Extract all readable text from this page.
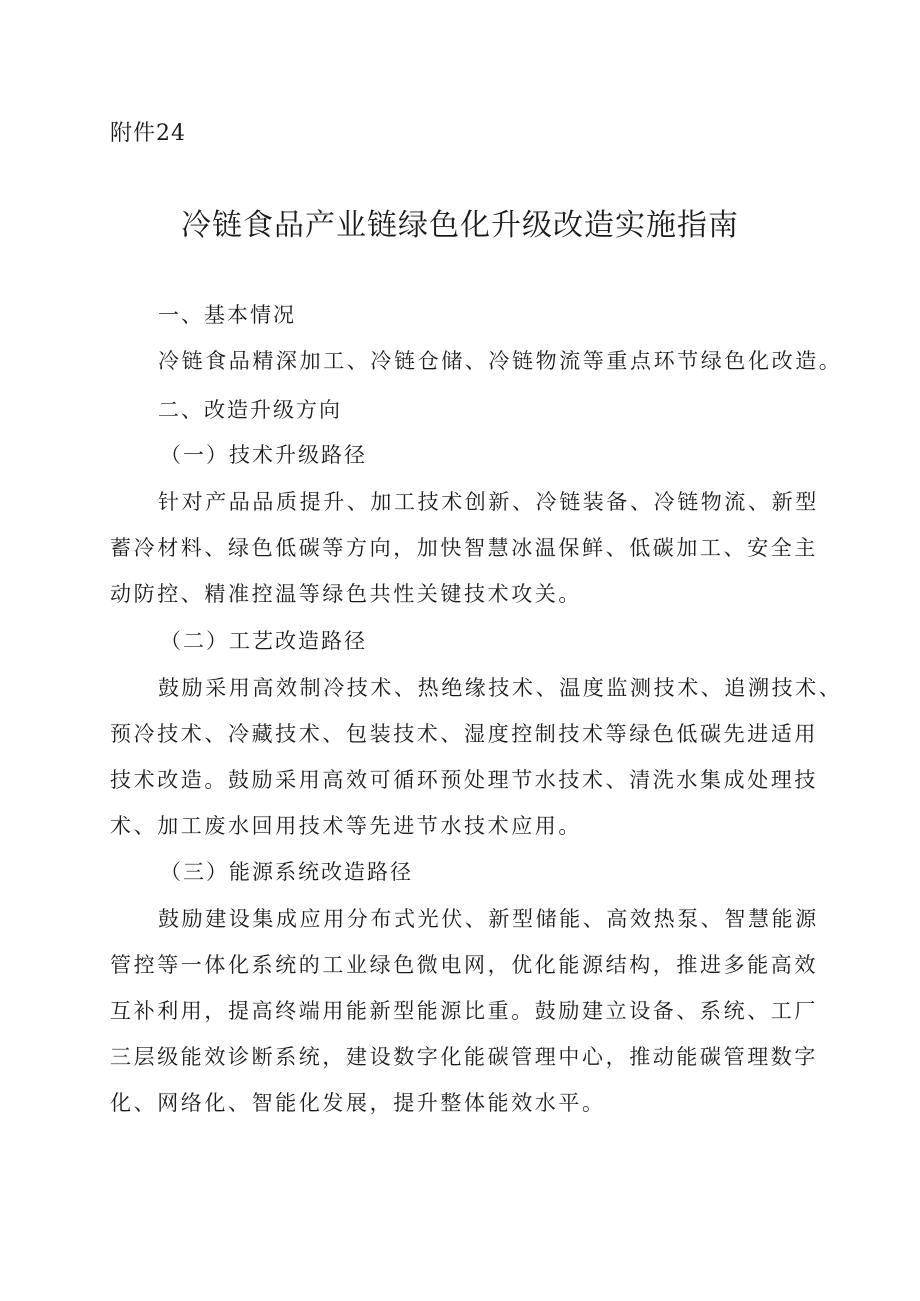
附件24
冷链食品产业链绿色化升级改造实施指南
一、基本情况
冷链食品精深加工、冷链仓储、冷链物流等重点环节绿色化改造。
二、改造升级方向
（一）技术升级路径
针对产品品质提升、加工技术创新、冷链装备、冷链物流、新型
蓄冷材料、绿色低碳等方向，加快智慧冰温保鲜、低碳加工、安全主
动防控、精准控温等绿色共性关键技术攻关。
（二）工艺改造路径
鼓励采用高效制冷技术、热绝缘技术、温度监测技术、追溯技术、
预冷技术、冷藏技术、包装技术、湿度控制技术等绿色低碳先进适用
技术改造。鼓励采用高效可循环预处理节水技术、清洗水集成处理技
术、加工废水回用技术等先进节水技术应用。
（三）能源系统改造路径
鼓励建设集成应用分布式光伏、新型储能、高效热泵、智慧能源
管控等一体化系统的工业绿色微电网，优化能源结构，推进多能高效
互补利用，提高终端用能新型能源比重。鼓励建立设备、系统、工厂
三层级能效诊断系统，建设数字化能碳管理中心，推动能碳管理数字
化、网络化、智能化发展，提升整体能效水平。
